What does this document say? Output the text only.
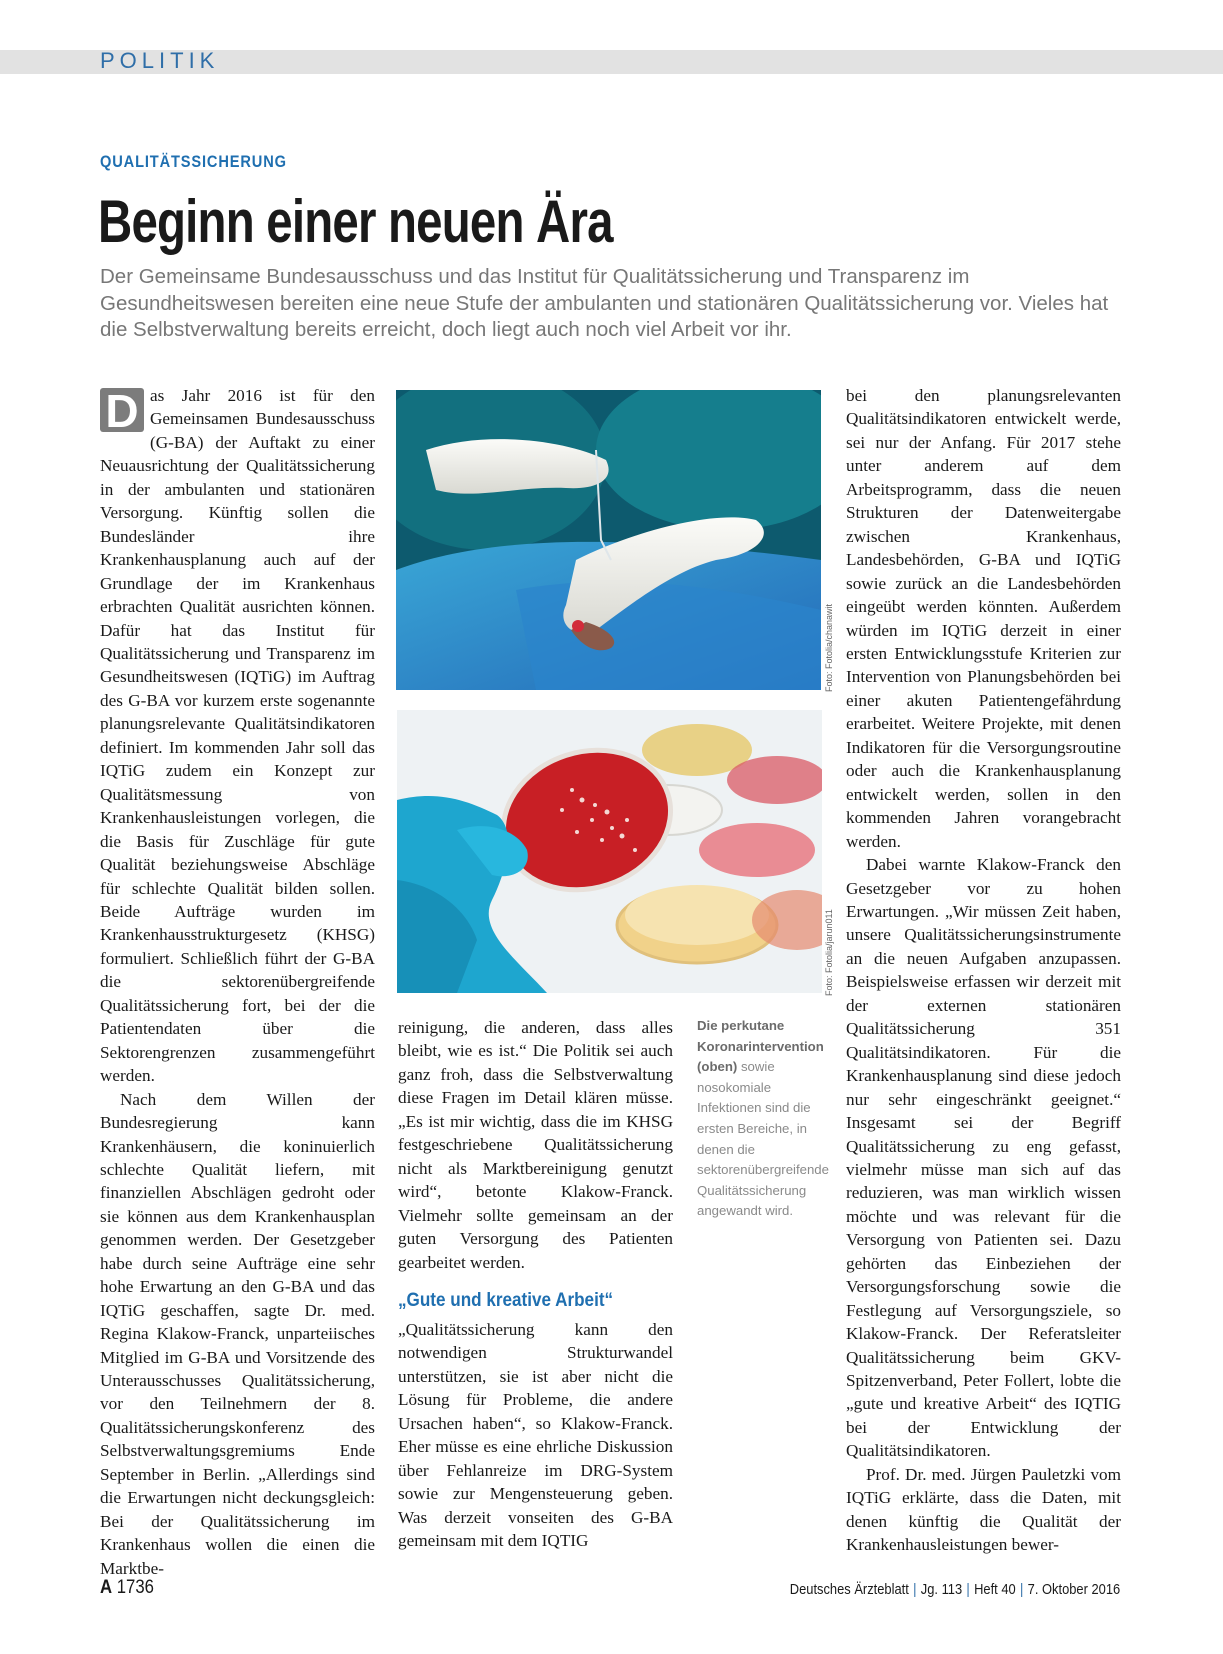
POLITIK
QUALITÄTSSICHERUNG
Beginn einer neuen Ära

Der Gemeinsame Bundesausschuss und das Institut für Qualitätssicherung und Transparenz im Gesundheitswesen bereiten eine neue Stufe der ambulanten und stationären Qualitätssicherung vor. Vieles hat die Selbstverwaltung bereits erreicht, doch liegt auch noch viel Arbeit vor ihr.

D as Jahr 2016 ist für den Gemeinsamen Bundesausschuss (G-BA) der Auftakt zu einer Neuausrichtung der Qualitätssicherung in der ambulanten und stationären Versorgung. Künftig sollen die Bundesländer ihre Krankenhausplanung auch auf der Grundlage der im Krankenhaus erbrachten Qualität ausrichten können. Dafür hat das Institut für Qualitätssicherung und Transparenz im Gesundheitswesen (IQTiG) im Auftrag des G-BA vor kurzem erste sogenannte planungsrelevante Qualitätsindikatoren definiert. Im kommenden Jahr soll das IQTiG zudem ein Konzept zur Qualitätsmessung von Krankenhausleistungen vorlegen, die die Basis für Zuschläge für gute Qualität beziehungsweise Abschläge für schlechte Qualität bilden sollen. Beide Aufträge wurden im Krankenhausstrukturgesetz (KHSG) formuliert. Schließlich führt der G-BA die sektorenübergreifende Qualitätssicherung fort, bei der die Patientendaten über die Sektorengrenzen zusammengeführt werden.

Nach dem Willen der Bundesregierung kann Krankenhäusern, die koninuierlich schlechte Qualität liefern, mit finanziellen Abschlägen gedroht oder sie können aus dem Krankenhausplan genommen werden. Der Gesetzgeber habe durch seine Aufträge eine sehr hohe Erwartung an den G-BA und das IQTiG geschaffen, sagte Dr. med. Regina Klakow-Franck, unparteiisches Mitglied im G-BA und Vorsitzende des Unterausschusses Qualitätssicherung, vor den Teilnehmern der 8. Qualitätssicherungskonferenz des Selbstverwaltungsgremiums Ende September in Berlin. „Allerdings sind die Erwartungen nicht deckungsgleich: Bei der Qualitätssicherung im Krankenhaus wollen die einen die Marktbe-

Foto: Fotolia/chanawit
Foto: Fotolia/jarun011

reinigung, die anderen, dass alles bleibt, wie es ist.“ Die Politik sei auch ganz froh, dass die Selbstverwaltung diese Fragen im Detail klären müsse. „Es ist mir wichtig, dass die im KHSG festgeschriebene Qualitätssicherung nicht als Marktbereinigung genutzt wird“, betonte Klakow-Franck. Vielmehr sollte gemeinsam an der guten Versorgung des Patienten gearbeitet werden.

„Gute und kreative Arbeit“

„Qualitätssicherung kann den notwendigen Strukturwandel unterstützen, sie ist aber nicht die Lösung für Probleme, die andere Ursachen haben“, so Klakow-Franck. Eher müsse es eine ehrliche Diskussion über Fehlanreize im DRG-System sowie zur Mengensteuerung geben. Was derzeit vonseiten des G-BA gemeinsam mit dem IQTIG

Die perkutane Koronarintervention (oben) sowie nosokomiale Infektionen sind die ersten Bereiche, in denen die sektorenübergreifende Qualitätssicherung angewandt wird.

bei den planungsrelevanten Qualitätsindikatoren entwickelt werde, sei nur der Anfang. Für 2017 stehe unter anderem auf dem Arbeitsprogramm, dass die neuen Strukturen der Datenweitergabe zwischen Krankenhaus, Landesbehörden, G-BA und IQTiG sowie zurück an die Landesbehörden eingeübt werden könnten. Außerdem würden im IQTiG derzeit in einer ersten Entwicklungsstufe Kriterien zur Intervention von Planungsbehörden bei einer akuten Patientengefährdung erarbeitet. Weitere Projekte, mit denen Indikatoren für die Versorgungsroutine oder auch die Krankenhausplanung entwickelt werden, sollen in den kommenden Jahren vorangebracht werden.

Dabei warnte Klakow-Franck den Gesetzgeber vor zu hohen Erwartungen. „Wir müssen Zeit haben, unsere Qualitätssicherungsinstrumente an die neuen Aufgaben anzupassen. Beispielsweise erfassen wir derzeit mit der externen stationären Qualitätssicherung 351 Qualitätsindikatoren. Für die Krankenhausplanung sind diese jedoch nur sehr eingeschränkt geeignet.“ Insgesamt sei der Begriff Qualitätssicherung zu eng gefasst, vielmehr müsse man sich auf das reduzieren, was man wirklich wissen möchte und was relevant für die Versorgung von Patienten sei. Dazu gehörten das Einbeziehen der Versorgungsforschung sowie die Festlegung auf Versorgungsziele, so Klakow-Franck. Der Referatsleiter Qualitätssicherung beim GKV-Spitzenverband, Peter Follert, lobte die „gute und kreative Arbeit“ des IQTIG bei der Entwicklung der Qualitätsindikatoren.

Prof. Dr. med. Jürgen Pauletzki vom IQTiG erklärte, dass die Daten, mit denen künftig die Qualität der Krankenhausleistungen bewer-

A 1736	Deutsches Ärzteblatt | Jg. 113 | Heft 40 | 7. Oktober 2016
